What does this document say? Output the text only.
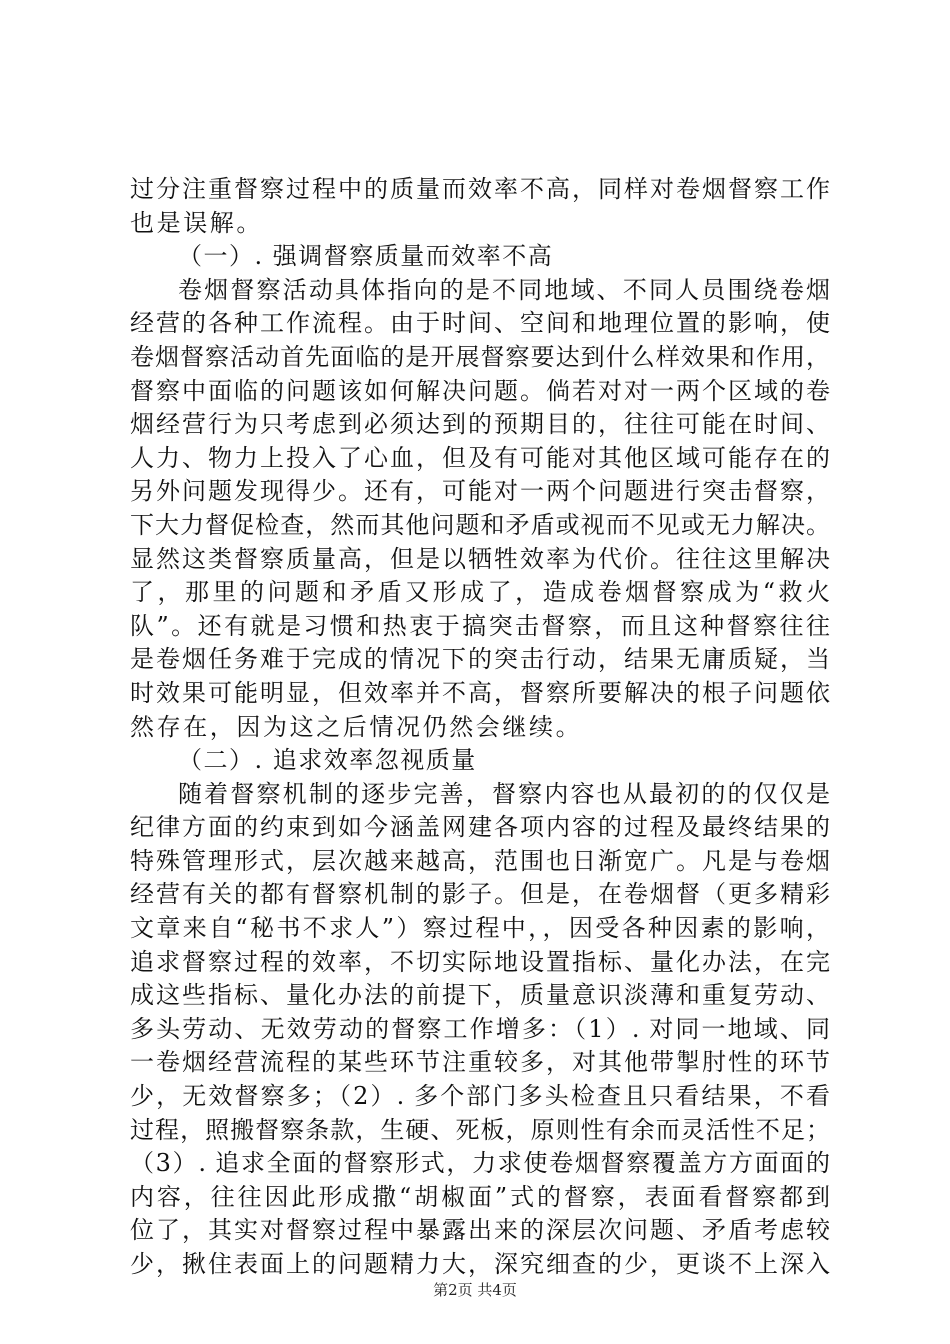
过分注重督察过程中的质量而效率不高，同样对卷烟督察工作
也是误解。
（一）. 强调督察质量而效率不高
卷烟督察活动具体指向的是不同地域、不同人员围绕卷烟
经营的各种工作流程。由于时间、空间和地理位置的影响，使
卷烟督察活动首先面临的是开展督察要达到什么样效果和作用，
督察中面临的问题该如何解决问题。倘若对对一两个区域的卷
烟经营行为只考虑到必须达到的预期目的，往往可能在时间、
人力、物力上投入了心血，但及有可能对其他区域可能存在的
另外问题发现得少。还有，可能对一两个问题进行突击督察，
下大力督促检查，然而其他问题和矛盾或视而不见或无力解决。
显然这类督察质量高，但是以牺牲效率为代价。往往这里解决
了，那里的问题和矛盾又形成了，造成卷烟督察成为“救火
队”。还有就是习惯和热衷于搞突击督察，而且这种督察往往
是卷烟任务难于完成的情况下的突击行动，结果无庸质疑，当
时效果可能明显，但效率并不高，督察所要解决的根子问题依
然存在，因为这之后情况仍然会继续。
（二）. 追求效率忽视质量
随着督察机制的逐步完善，督察内容也从最初的的仅仅是
纪律方面的约束到如今涵盖网建各项内容的过程及最终结果的
特殊管理形式，层次越来越高，范围也日渐宽广。凡是与卷烟
经营有关的都有督察机制的影子。但是，在卷烟督（更多精彩
文章来自“秘书不求人”）察过程中，，因受各种因素的影响，
追求督察过程的效率，不切实际地设置指标、量化办法，在完
成这些指标、量化办法的前提下，质量意识淡薄和重复劳动、
多头劳动、无效劳动的督察工作增多：（1）. 对同一地域、同
一卷烟经营流程的某些环节注重较多，对其他带掣肘性的环节
少，无效督察多；（2）. 多个部门多头检查且只看结果，不看
过程，照搬督察条款，生硬、死板，原则性有余而灵活性不足；
（3）. 追求全面的督察形式，力求使卷烟督察覆盖方方面面的
内容，往往因此形成撒“胡椒面”式的督察，表面看督察都到
位了，其实对督察过程中暴露出来的深层次问题、矛盾考虑较
少，揪住表面上的问题精力大，深究细查的少，更谈不上深入
第2页 共4页
